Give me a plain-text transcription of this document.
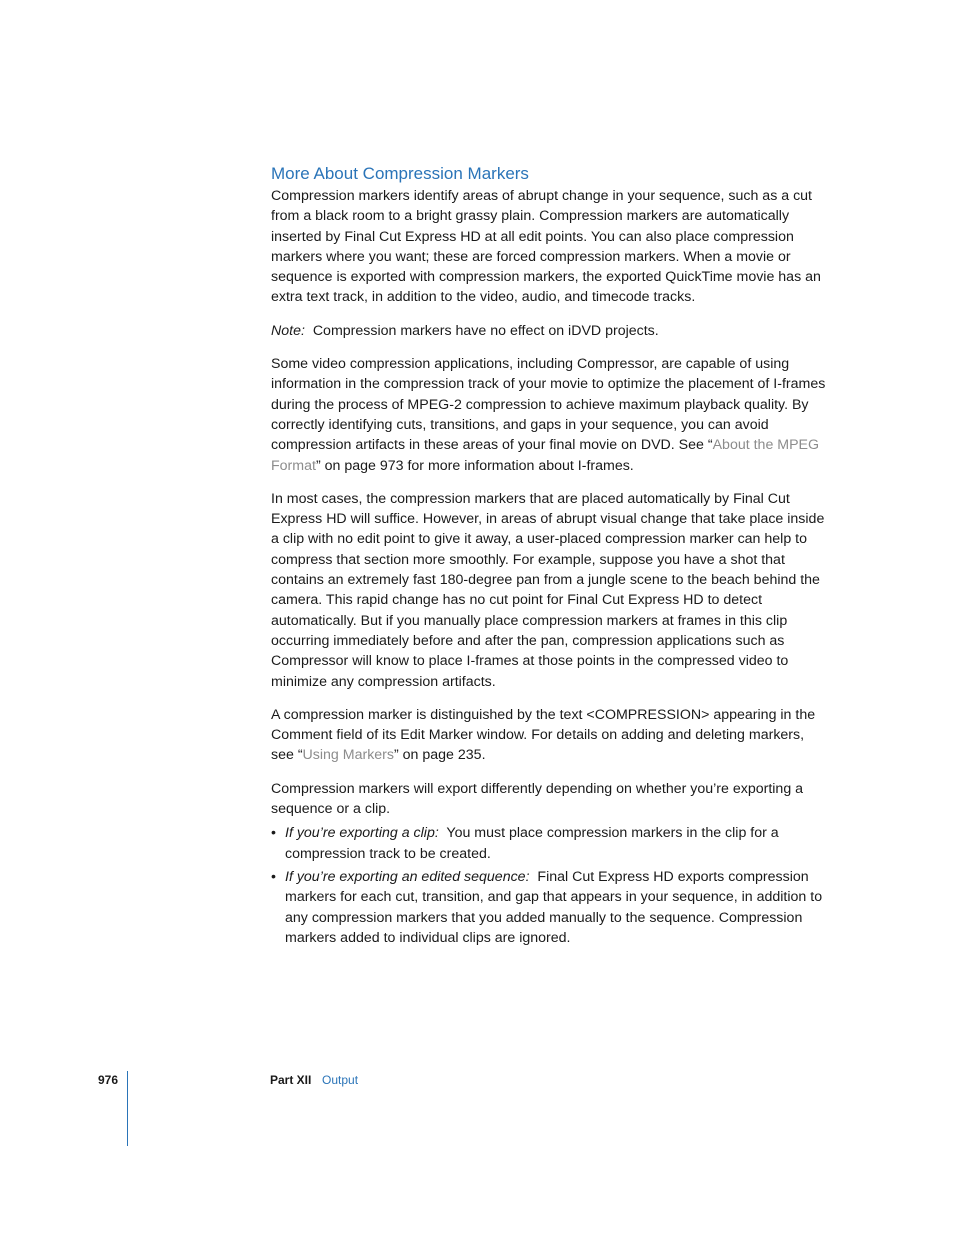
More About Compression Markers

Compression markers identify areas of abrupt change in your sequence, such as a cut from a black room to a bright grassy plain. Compression markers are automatically inserted by Final Cut Express HD at all edit points. You can also place compression markers where you want; these are forced compression markers. When a movie or sequence is exported with compression markers, the exported QuickTime movie has an extra text track, in addition to the video, audio, and timecode tracks.

Note: Compression markers have no effect on iDVD projects.

Some video compression applications, including Compressor, are capable of using information in the compression track of your movie to optimize the placement of I-frames during the process of MPEG-2 compression to achieve maximum playback quality. By correctly identifying cuts, transitions, and gaps in your sequence, you can avoid compression artifacts in these areas of your final movie on DVD. See “About the MPEG Format” on page 973 for more information about I-frames.

In most cases, the compression markers that are placed automatically by Final Cut Express HD will suffice. However, in areas of abrupt visual change that take place inside a clip with no edit point to give it away, a user-placed compression marker can help to compress that section more smoothly. For example, suppose you have a shot that contains an extremely fast 180-degree pan from a jungle scene to the beach behind the camera. This rapid change has no cut point for Final Cut Express HD to detect automatically. But if you manually place compression markers at frames in this clip occurring immediately before and after the pan, compression applications such as Compressor will know to place I-frames at those points in the compressed video to minimize any compression artifacts.

A compression marker is distinguished by the text <COMPRESSION> appearing in the Comment field of its Edit Marker window. For details on adding and deleting markers, see “Using Markers” on page 235.

Compression markers will export differently depending on whether you’re exporting a sequence or a clip.

• If you’re exporting a clip: You must place compression markers in the clip for a compression track to be created.
• If you’re exporting an edited sequence: Final Cut Express HD exports compression markers for each cut, transition, and gap that appears in your sequence, in addition to any compression markers that you added manually to the sequence. Compression markers added to individual clips are ignored.
976	Part XII Output
